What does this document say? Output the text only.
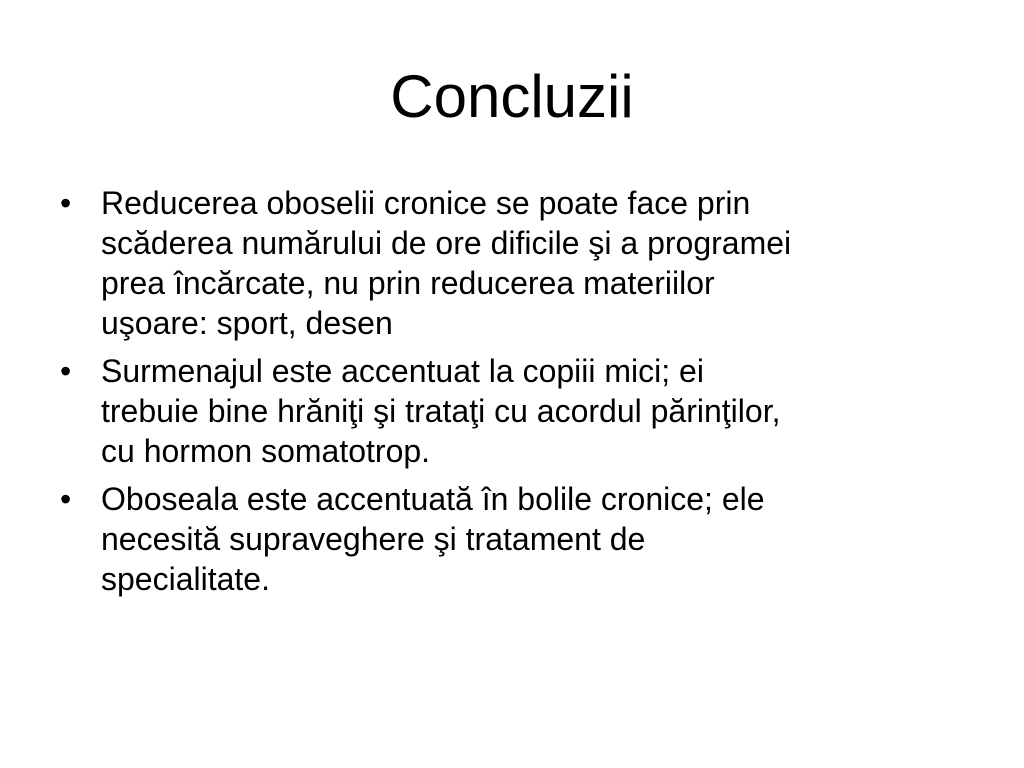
Concluzii
• Reducerea oboselii cronice se poate face prin
scăderea numărului de ore dificile şi a programei
prea încărcate, nu prin reducerea materiilor
uşoare: sport, desen
• Surmenajul este accentuat la copiii mici; ei
trebuie bine hrăniţi şi trataţi cu acordul părinţilor,
cu hormon somatotrop.
• Oboseala este accentuată în bolile cronice; ele
necesită supraveghere şi tratament de
specialitate.
